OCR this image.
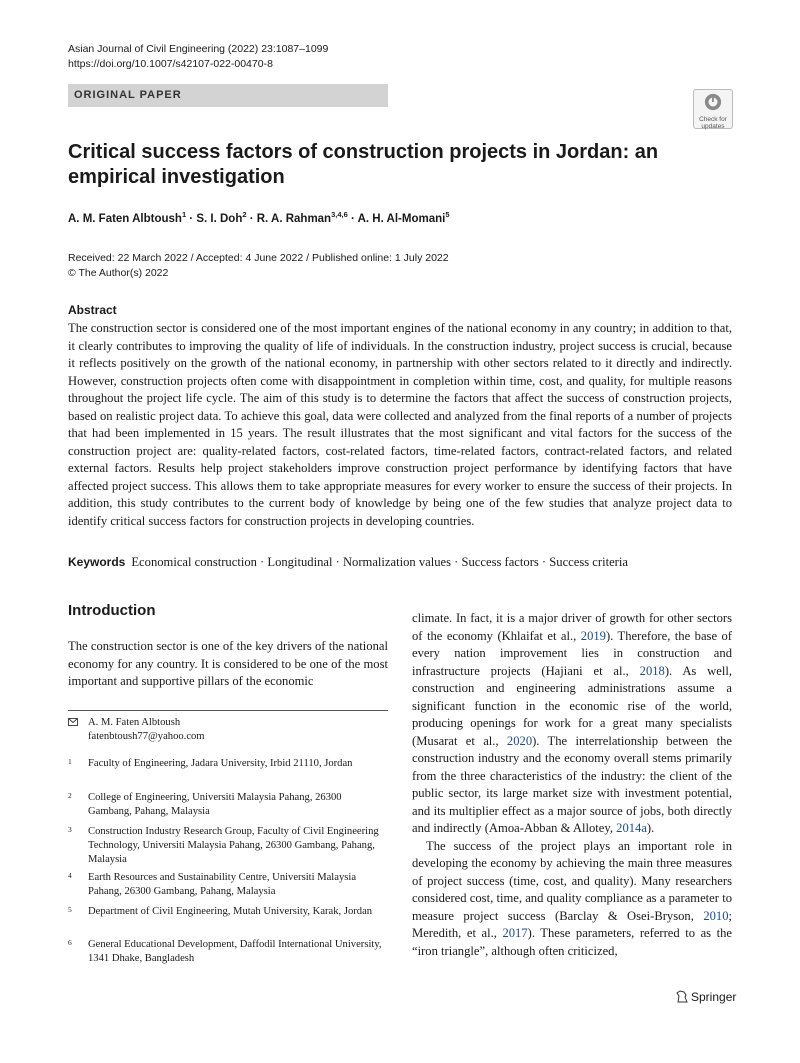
Asian Journal of Civil Engineering (2022) 23:1087–1099
https://doi.org/10.1007/s42107-022-00470-8
ORIGINAL PAPER
Check for
updates
Critical success factors of construction projects in Jordan: an empirical investigation
A. M. Faten Albtoush$^1$ · S. I. Doh$^2$ · R. A. Rahman$^{3,4,6}$ · A. H. Al-Momani$^5$
Received: 22 March 2022 / Accepted: 4 June 2022 / Published online: 1 July 2022
© The Author(s) 2022
Abstract
The construction sector is considered one of the most important engines of the national economy in any country; in addition to that, it clearly contributes to improving the quality of life of individuals. In the construction industry, project success is crucial, because it reflects positively on the growth of the national economy, in partnership with other sectors related to it directly and indirectly. However, construction projects often come with disappointment in completion within time, cost, and quality, for multiple reasons throughout the project life cycle. The aim of this study is to determine the factors that affect the success of construction projects, based on realistic project data. To achieve this goal, data were collected and analyzed from the final reports of a number of projects that had been implemented in 15 years. The result illustrates that the most significant and vital factors for the success of the construction project are: quality-related factors, cost-related factors, time-related factors, contract-related factors, and related external factors. Results help project stakeholders improve construction project performance by identifying factors that have affected project success. This allows them to take appropriate measures for every worker to ensure the success of their projects. In addition, this study contributes to the current body of knowledge by being one of the few studies that analyze project data to identify critical success factors for construction projects in developing countries.
Keywords Economical construction · Longitudinal · Normalization values · Success factors · Success criteria
Introduction
The construction sector is one of the key drivers of the national economy for any country. It is considered to be one of the most important and supportive pillars of the economic
A. M. Faten Albtoush
fatenbtoush77@yahoo.com
1 Faculty of Engineering, Jadara University, Irbid 21110, Jordan
2 College of Engineering, Universiti Malaysia Pahang, 26300 Gambang, Pahang, Malaysia
3 Construction Industry Research Group, Faculty of Civil Engineering Technology, Universiti Malaysia Pahang, 26300 Gambang, Pahang, Malaysia
4 Earth Resources and Sustainability Centre, Universiti Malaysia Pahang, 26300 Gambang, Pahang, Malaysia
5 Department of Civil Engineering, Mutah University, Karak, Jordan
6 General Educational Development, Daffodil International University, 1341 Dhake, Bangladesh

climate. In fact, it is a major driver of growth for other sectors of the economy (Khlaifat et al., 2019). Therefore, the base of every nation improvement lies in construction and infrastructure projects (Hajiani et al., 2018). As well, construction and engineering administrations assume a significant function in the economic rise of the world, producing openings for work for a great many specialists (Musarat et al., 2020). The interrelationship between the construction industry and the economy overall stems primarily from the three characteristics of the industry: the client of the public sector, its large market size with investment potential, and its multiplier effect as a major source of jobs, both directly and indirectly (Amoa-Abban & Allotey, 2014a).

The success of the project plays an important role in developing the economy by achieving the main three measures of project success (time, cost, and quality). Many researchers considered cost, time, and quality compliance as a parameter to measure project success (Barclay & Osei-Bryson, 2010; Meredith, et al., 2017). These parameters, referred to as the “iron triangle”, although often criticized,

Springer
